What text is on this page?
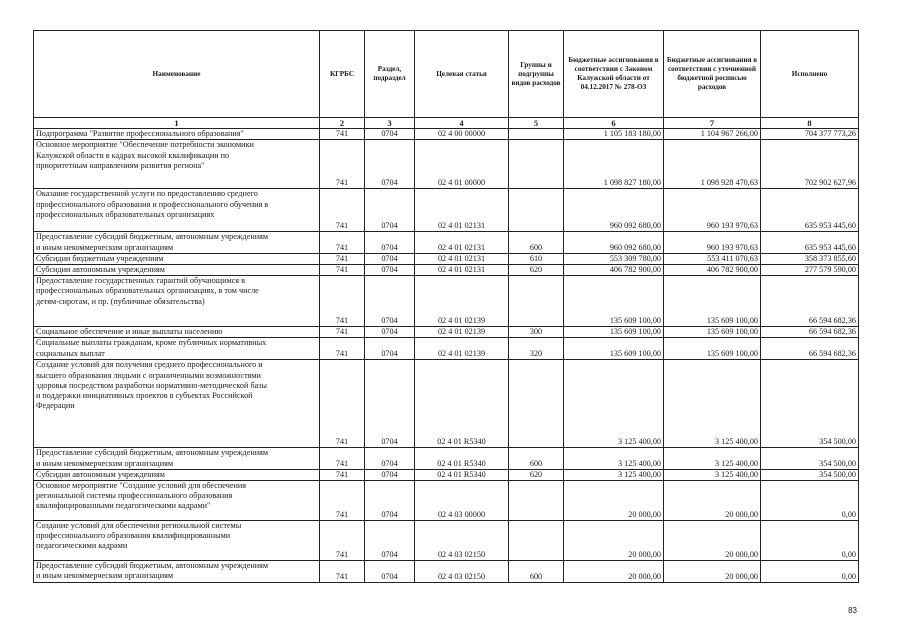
Наименование	КГРБС	Раздел, подраздел	Целевая статья	Группы и подгруппы видов расходов	Бюджетные ассигнования в соответствии с Законом Калужской области от 04.12.2017 № 278-ОЗ	Бюджетные ассигнования в соответствии с уточненной бюджетной росписью расходов	Исполнено
1	2	3	4	5	6	7	8
Подпрограмма "Развитие профессионального образования"	741	0704	02 4 00 00000		1 105 183 180,00	1 104 967 266,00	704 377 773,26
Основное мероприятие "Обеспечение потребности экономики
Калужской области в кадрах высокой квалификации по
приоритетным направлениям развития региона"	741	0704	02 4 01 00000		1 098 827 180,00	1 098 928 470,63	702 902 627,96
Оказание государственной услуги по предоставлению среднего
профессионального образования и профессионального обучения в
профессиональных образовательных организациях	741	0704	02 4 01 02131		960 092 680,00	960 193 970,63	635 953 445,60
Предоставление субсидий бюджетным, автономным учреждениям
и иным некоммерческим организациям	741	0704	02 4 01 02131	600	960 092 680,00	960 193 970,63	635 953 445,60
Субсидии бюджетным учреждениям	741	0704	02 4 01 02131	610	553 309 780,00	553 411 070,63	358 373 855,60
Субсидии автономным учреждениям	741	0704	02 4 01 02131	620	406 782 900,00	406 782 900,00	277 579 590,00
Предоставление государственных гарантий обучающимся в
профессиональных образовательных организациях, в том числе
детям-сиротам, и пр. (публичные обязательства)	741	0704	02 4 01 02139		135 609 100,00	135 609 100,00	66 594 682,36
Социальное обеспечение и иные выплаты населению	741	0704	02 4 01 02139	300	135 609 100,00	135 609 100,00	66 594 682,36
Социальные выплаты гражданам, кроме публичных нормативных
социальных выплат	741	0704	02 4 01 02139	320	135 609 100,00	135 609 100,00	66 594 682,36
Создание условий для получения среднего профессионального и
высшего образования людьми с ограниченными возможностями
здоровья посредством разработки нормативно-методической базы
и поддержки инициативных проектов в субъектах Российской
Федерации	741	0704	02 4 01 R5340		3 125 400,00	3 125 400,00	354 500,00
Предоставление субсидий бюджетным, автономным учреждениям
и иным некоммерческим организациям	741	0704	02 4 01 R5340	600	3 125 400,00	3 125 400,00	354 500,00
Субсидии автономным учреждениям	741	0704	02 4 01 R5340	620	3 125 400,00	3 125 400,00	354 500,00
Основное мероприятие "Создание условий для обеспечения
региональной системы профессионального образования
квалифицированными педагогическими кадрами"	741	0704	02 4 03 00000		20 000,00	20 000,00	0,00
Создание условий для обеспечения региональной системы
профессионального образования квалифицированными
педагогическими кадрами	741	0704	02 4 03 02150		20 000,00	20 000,00	0,00
Предоставление субсидий бюджетным, автономным учреждениям
и иным некоммерческим организациям	741	0704	02 4 03 02150	600	20 000,00	20 000,00	0,00
83
